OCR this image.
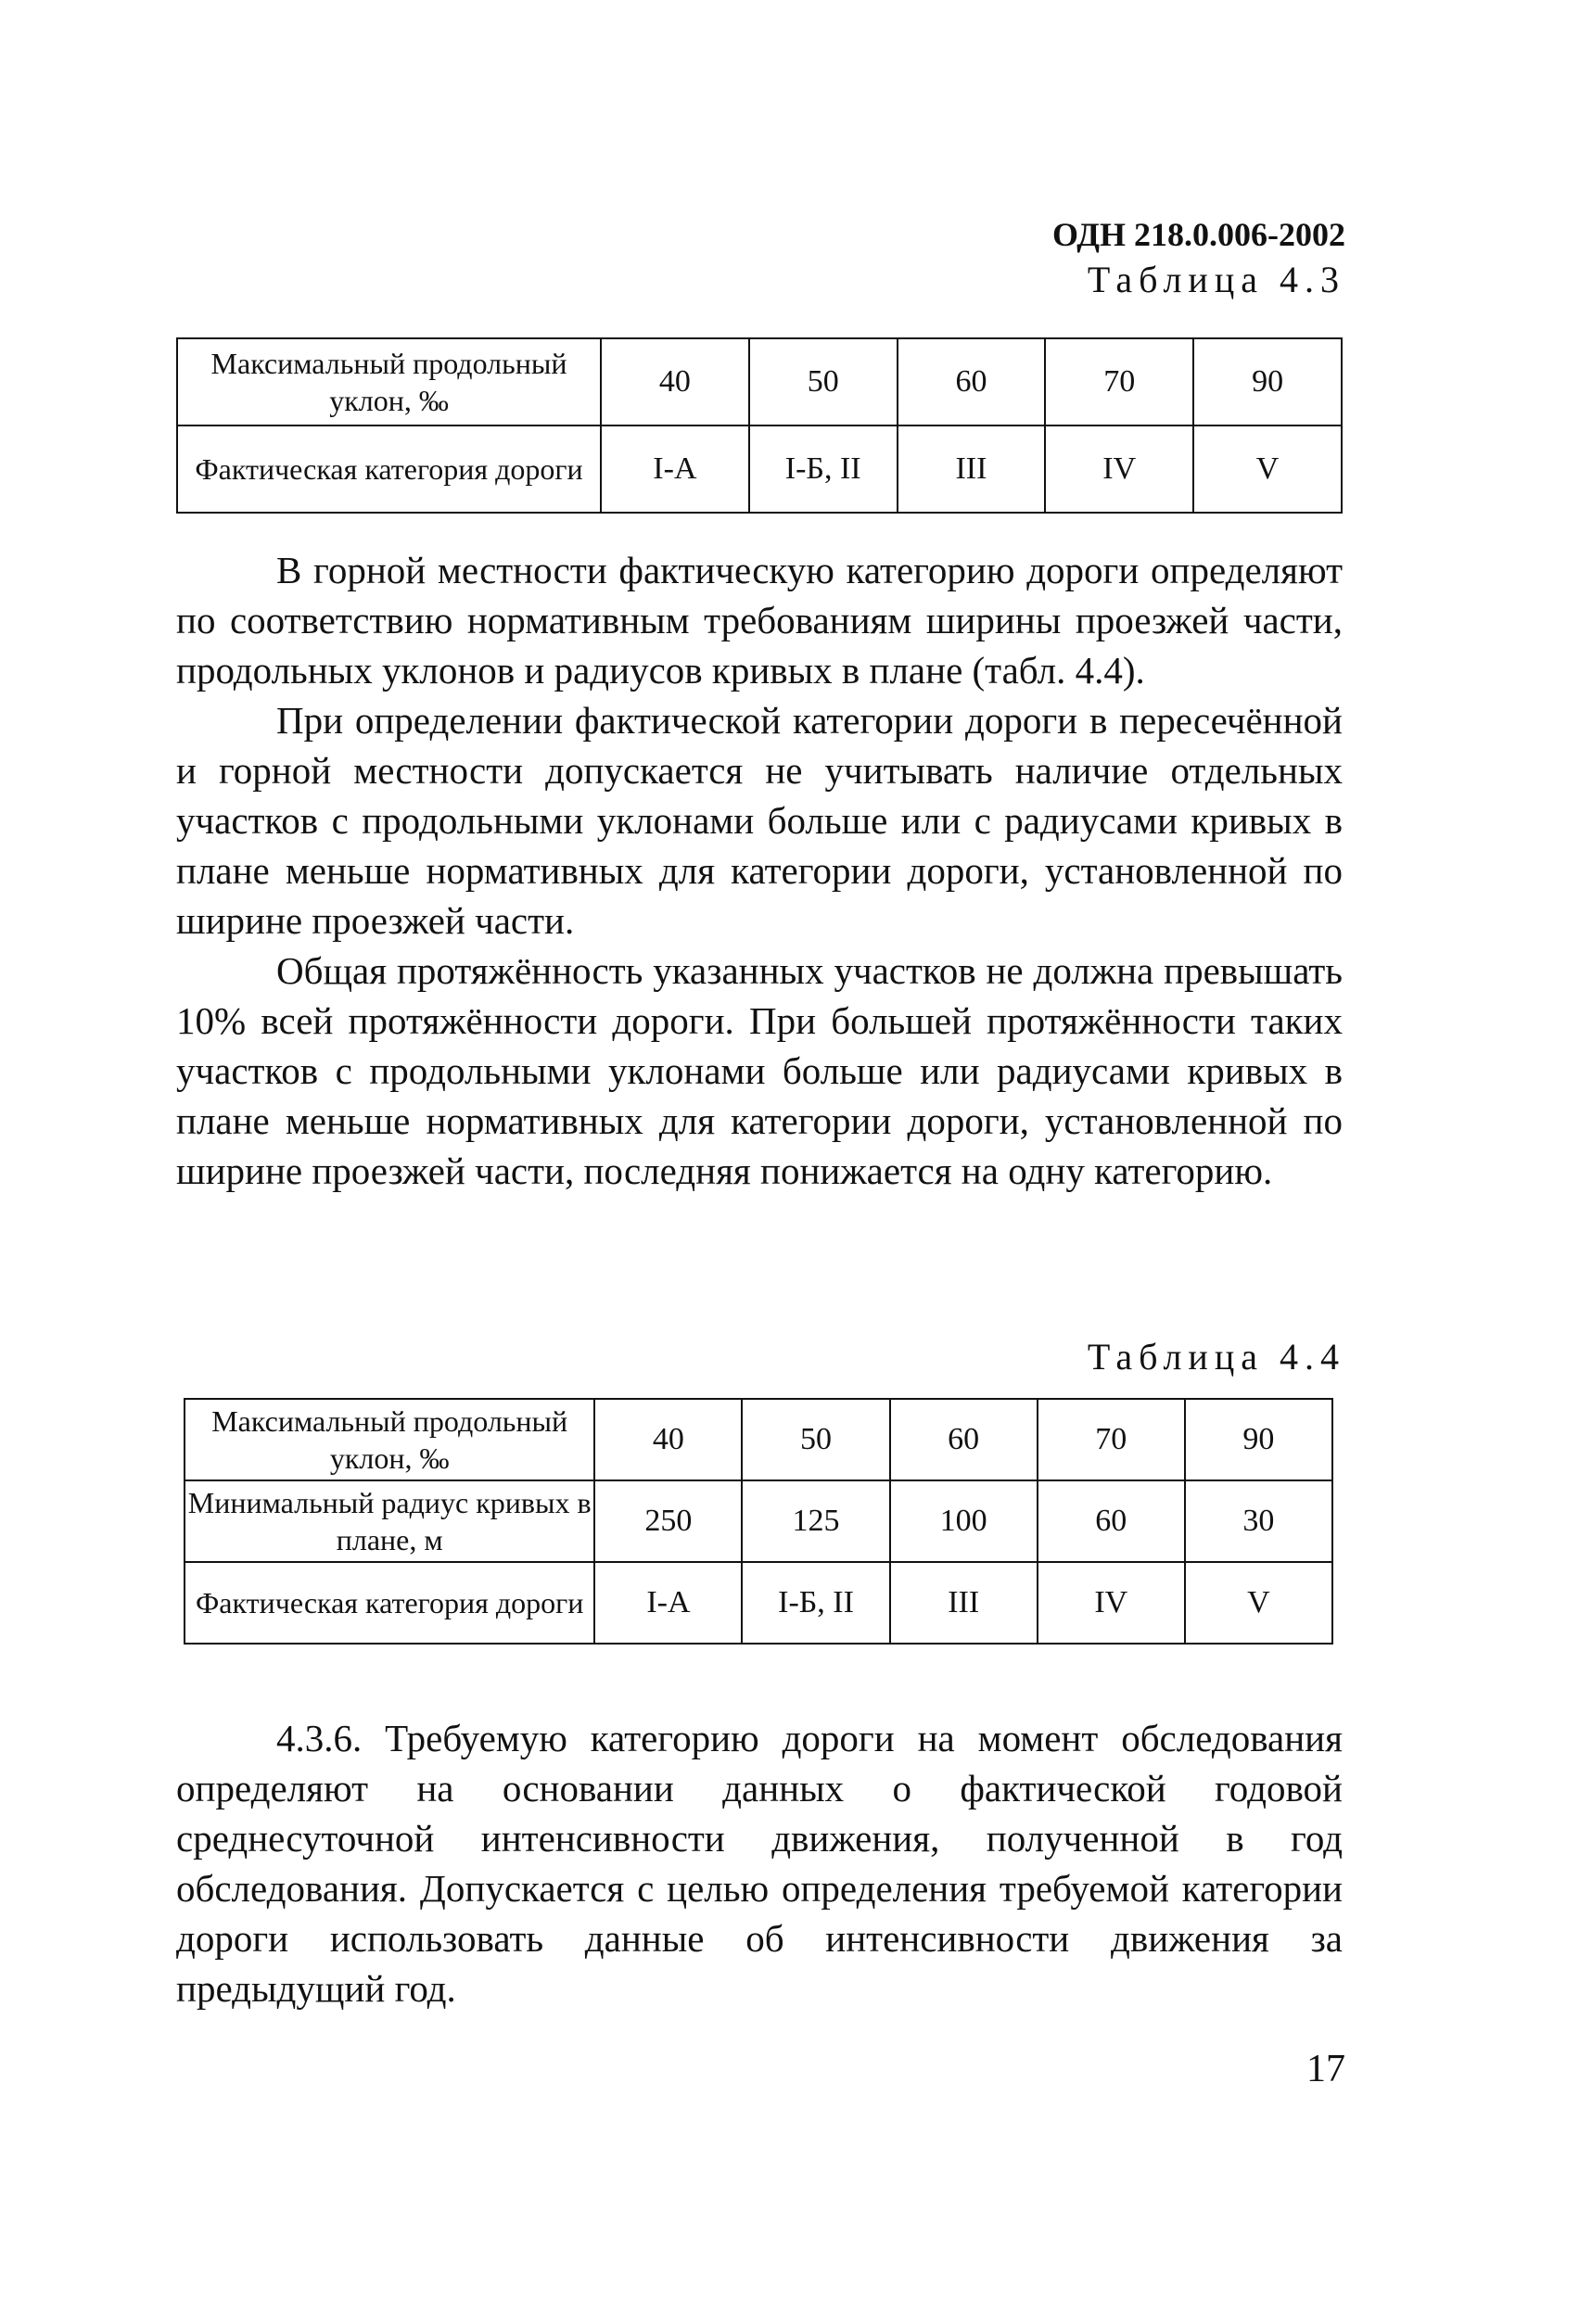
ОДН 218.0.006-2002
Таблица 4.3
Максимальный продольный уклон, ‰	40	50	60	70	90
Фактическая категория дороги	I-A	I-Б, II	III	IV	V

В горной местности фактическую категорию дороги определяют по соответствию нормативным требованиям ширины проезжей части, продольных уклонов и радиусов кривых в плане (табл. 4.4).

При определении фактической категории дороги в пересечённой и горной местности допускается не учитывать наличие отдельных участков с продольными уклонами больше или с радиусами кривых в плане меньше нормативных для категории дороги, установленной по ширине проезжей части.

Общая протяжённость указанных участков не должна превышать 10% всей протяжённости дороги. При большей протяжённости таких участков с продольными уклонами больше или радиусами кривых в плане меньше нормативных для категории дороги, установленной по ширине проезжей части, последняя понижается на одну категорию.

Таблица 4.4
Максимальный продольный уклон, ‰	40	50	60	70	90
Минимальный радиус кривых в плане, м	250	125	100	60	30
Фактическая категория дороги	I-A	I-Б, II	III	IV	V

4.3.6. Требуемую категорию дороги на момент обследования определяют на основании данных о фактической годовой среднесуточной интенсивности движения, полученной в год обследования. Допускается с целью определения требуемой категории дороги использовать данные об интенсивности движения за предыдущий год.

17
